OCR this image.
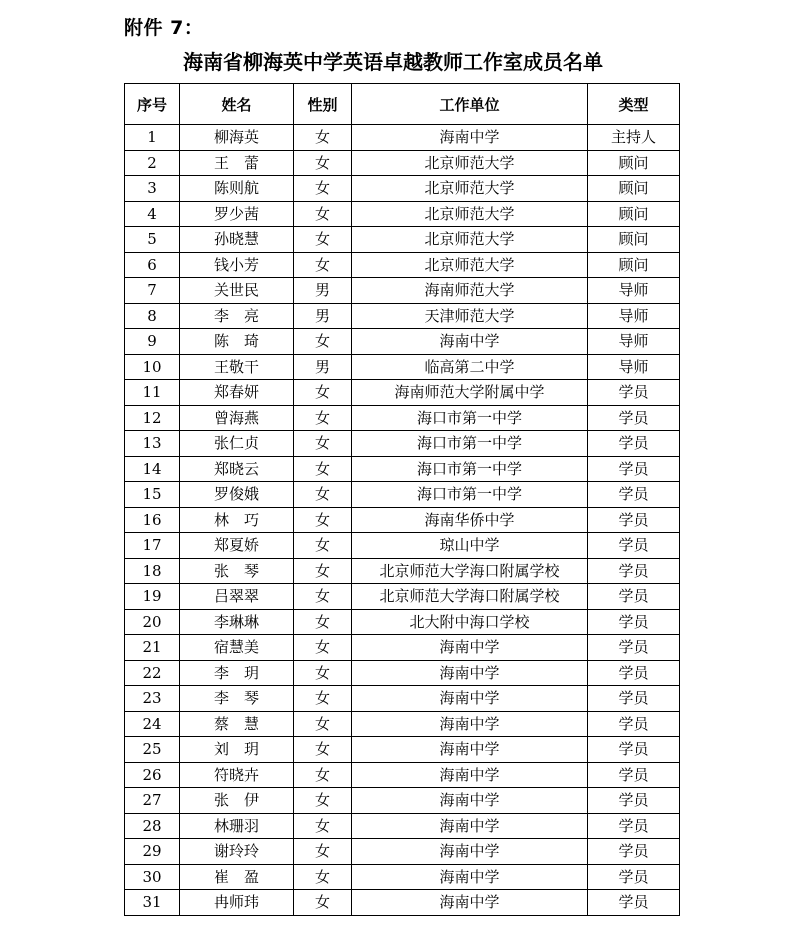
附件 7：
海南省柳海英中学英语卓越教师工作室成员名单
序号	姓名	性别	工作单位	类型
1	柳海英	女	海南中学	主持人
2	王　蕾	女	北京师范大学	顾问
3	陈则航	女	北京师范大学	顾问
4	罗少茜	女	北京师范大学	顾问
5	孙晓慧	女	北京师范大学	顾问
6	钱小芳	女	北京师范大学	顾问
7	关世民	男	海南师范大学	导师
8	李　亮	男	天津师范大学	导师
9	陈　琦	女	海南中学	导师
10	王敬干	男	临高第二中学	导师
11	郑春妍	女	海南师范大学附属中学	学员
12	曾海燕	女	海口市第一中学	学员
13	张仁贞	女	海口市第一中学	学员
14	郑晓云	女	海口市第一中学	学员
15	罗俊娥	女	海口市第一中学	学员
16	林　巧	女	海南华侨中学	学员
17	郑夏娇	女	琼山中学	学员
18	张　琴	女	北京师范大学海口附属学校	学员
19	吕翠翠	女	北京师范大学海口附属学校	学员
20	李琳琳	女	北大附中海口学校	学员
21	宿慧美	女	海南中学	学员
22	李　玥	女	海南中学	学员
23	李　琴	女	海南中学	学员
24	蔡　慧	女	海南中学	学员
25	刘　玥	女	海南中学	学员
26	符晓卉	女	海南中学	学员
27	张　伊	女	海南中学	学员
28	林珊羽	女	海南中学	学员
29	谢玲玲	女	海南中学	学员
30	崔　盈	女	海南中学	学员
31	冉师玮	女	海南中学	学员
